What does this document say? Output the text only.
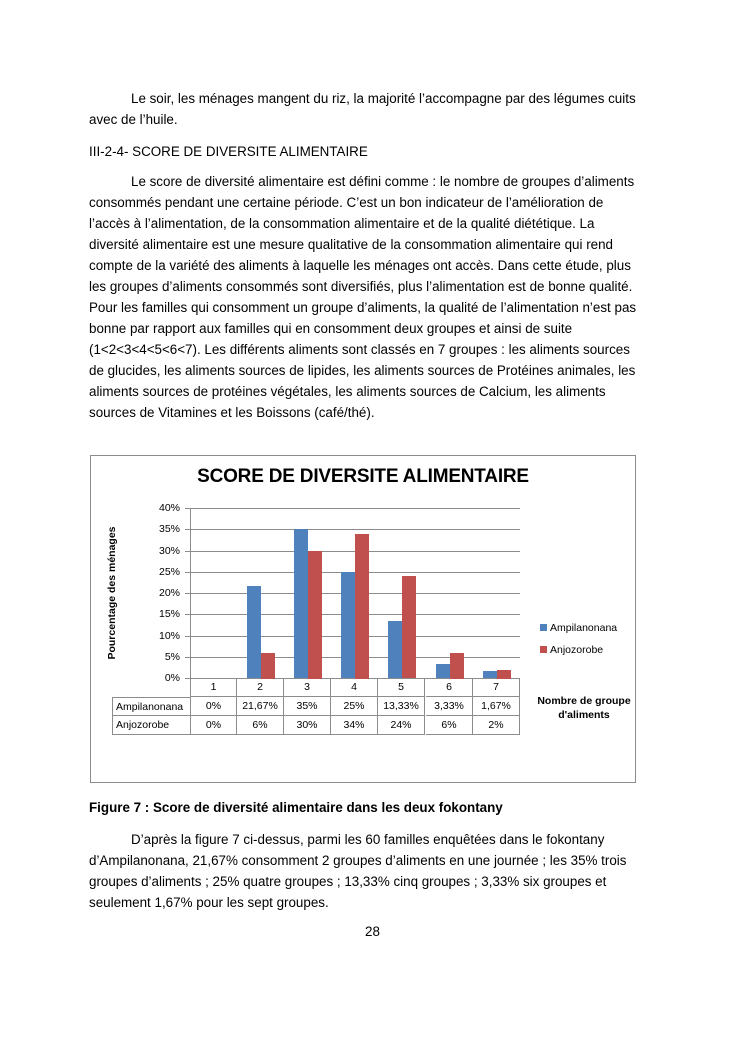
Le soir, les ménages mangent du riz, la majorité l’accompagne par des légumes cuits avec de l’huile.

III-2-4- SCORE DE DIVERSITE ALIMENTAIRE

Le score de diversité alimentaire est défini comme : le nombre de groupes d’aliments consommés pendant une certaine période. C’est un bon indicateur de l’amélioration de l’accès à l’alimentation, de la consommation alimentaire et de la qualité diététique. La diversité alimentaire est une mesure qualitative de la consommation alimentaire qui rend compte de la variété des aliments à laquelle les ménages ont accès. Dans cette étude, plus les groupes d’aliments consommés sont diversifiés, plus l’alimentation est de bonne qualité. Pour les familles qui consomment un groupe d’aliments, la qualité de l’alimentation n’est pas bonne par rapport aux familles qui en consomment deux groupes et ainsi de suite (1<2<3<4<5<6<7). Les différents aliments sont classés en 7 groupes : les aliments sources de glucides, les aliments sources de lipides, les aliments sources de Protéines animales, les aliments sources de protéines végétales, les aliments sources de Calcium, les aliments sources de Vitamines et les Boissons (café/thé).

SCORE DE DIVERSITE ALIMENTAIRE
Pourcentage des ménages
40%
35%
30%
25%
20%
15%
10%
5%
0%
1	2	3	4	5	6	7
Ampilanonana	0%	21,67%	35%	25%	13,33%	3,33%	1,67%
Anjozorobe	0%	6%	30%	34%	24%	6%	2%
Ampilanonana
Anjozorobe
Nombre de groupe d'aliments
Figure 7 : Score de diversité alimentaire dans les deux fokontany

D’après la figure 7 ci-dessus, parmi les 60 familles enquêtées dans le fokontany d’Ampilanonana, 21,67% consomment 2 groupes d’aliments en une journée ; les 35% trois groupes d’aliments ; 25% quatre groupes ; 13,33% cinq groupes ; 3,33% six groupes et seulement 1,67% pour les sept groupes.

28
